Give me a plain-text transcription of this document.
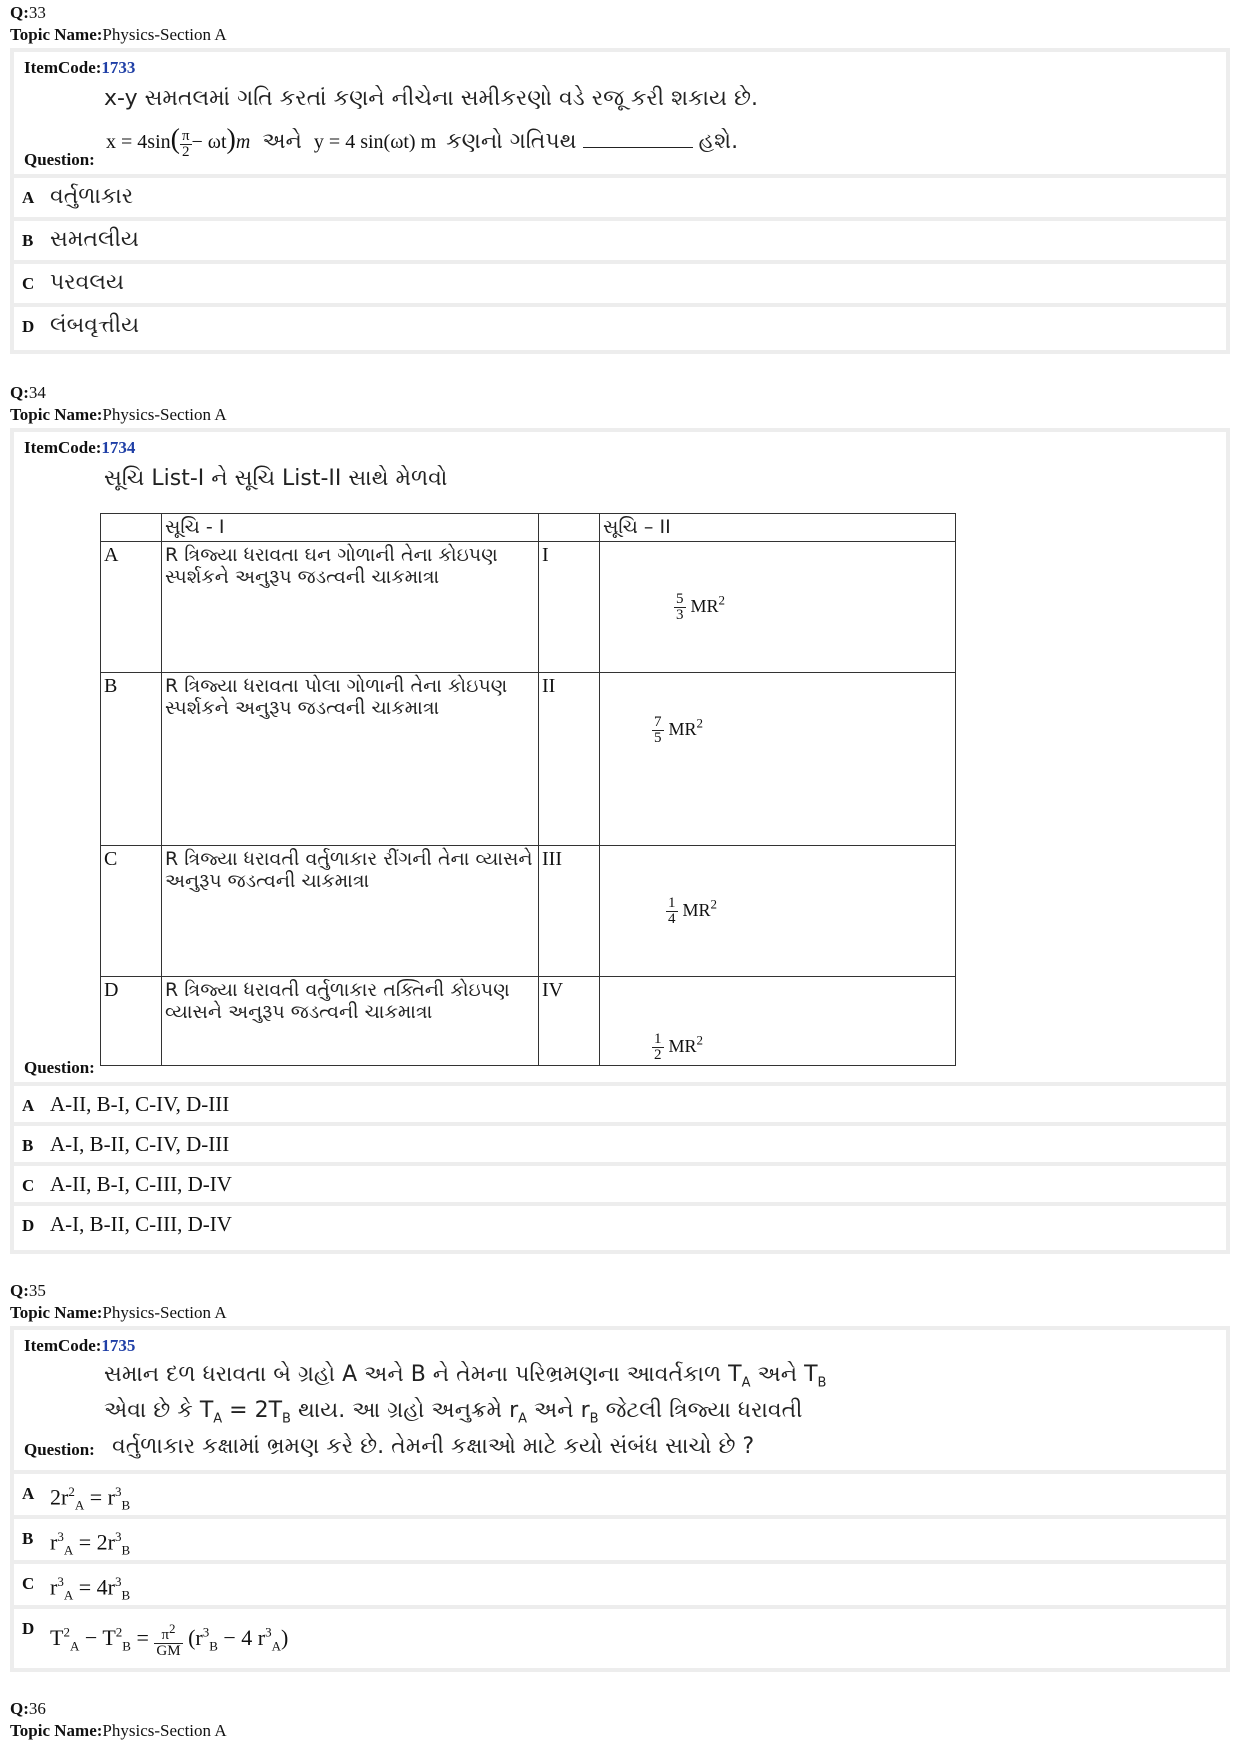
Q:33
Topic Name:Physics-Section A
ItemCode:1733
x-y સમતલમાં ગતિ કરતાં કણને નીચેના સમીકરણો વડે રજૂ કરી શકાય છે.
$x = 4\sin( \frac{\pi}{2} - \omega t)m$ અને y = 4 sin(ωt) m કણનો ગતિપથ	હશે.
Question:
A વર્તુળાકાર
B સમતલીય
C પરવલય
D લંબવૃત્તીય
Q:34
Topic Name:Physics-Section A
ItemCode:1734
સૂચિ List-I ને સૂચિ List-II સાથે મેળવો
	સૂચિ - I		સૂચિ – II
A	R ત્રિજ્યા ધરાવતા ઘન ગોળાની તેના કોઇપણ સ્પર્શકને અનુરૂપ જડત્વની ચાકમાત્રા	I	$\frac{5}{3} MR^2$
B	R ત્રિજ્યા ધરાવતા પોલા ગોળાની તેના કોઇપણ સ્પર્શકને અનુરૂપ જડત્વની ચાકમાત્રા	II	$\frac{7}{5} MR^2$
C	R ત્રિજ્યા ધરાવતી વર્તુળાકાર રીંગની તેના વ્યાસને અનુરૂપ જડત્વની ચાકમાત્રા	III	$\frac{1}{4} MR^2$
D	R ત્રિજ્યા ધરાવતી વર્તુળાકાર તક્તિની કોઇપણ વ્યાસને અનુરૂપ જડત્વની ચાકમાત્રા	IV	$\frac{1}{2} MR^2$
Question:
A A-II, B-I, C-IV, D-III
B A-I, B-II, C-IV, D-III
C A-II, B-I, C-III, D-IV
D A-I, B-II, C-III, D-IV
Q:35
Topic Name:Physics-Section A
ItemCode:1735
સમાન દળ ધરાવતા બે ગ્રહો A અને B ને તેમના પરિભ્રમણના આવર્તકાળ $T_A$ અને $T_B$
એવા છે કે $T_A = 2T_B$ થાય. આ ગ્રહો અનુક્રમે $r_A$ અને $r_B$ જેટલી ત્રિજ્યા ધરાવતી
વર્તુળાકાર કક્ષામાં ભ્રમણ કરે છે. તેમની કક્ષાઓ માટે કયો સંબંધ સાચો છે ?
Question:
A $2r^2_A = r^3_B$
B $r^3_A = 2r^3_B$
C $r^3_A = 4r^3_B$
D $T^2_A - T^2_B = \frac{\pi^2}{GM} (r^3_B - 4$ $r^3_A$)
Q:36
Topic Name:Physics-Section A
